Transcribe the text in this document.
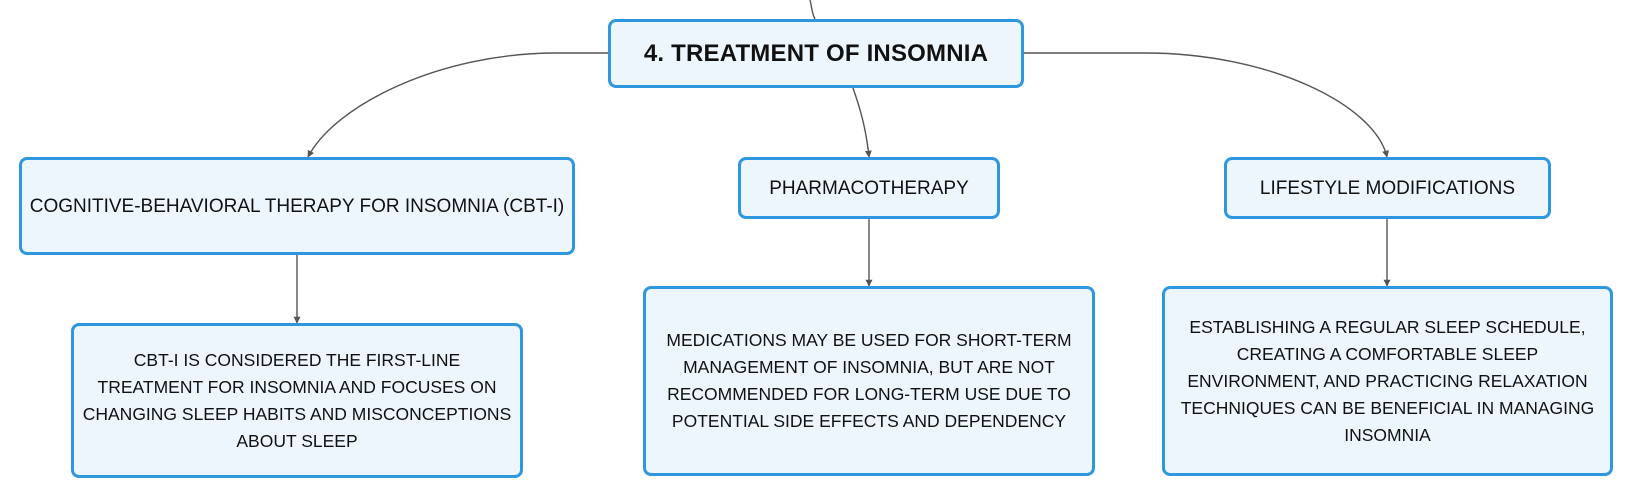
4. TREATMENT OF INSOMNIA
COGNITIVE-BEHAVIORAL THERAPY FOR INSOMNIA (CBT-I)
PHARMACOTHERAPY	LIFESTYLE MODIFICATIONS
CBT-I IS CONSIDERED THE FIRST-LINE TREATMENT FOR INSOMNIA AND FOCUSES ON CHANGING SLEEP HABITS AND MISCONCEPTIONS ABOUT SLEEP
MEDICATIONS MAY BE USED FOR SHORT-TERM MANAGEMENT OF INSOMNIA, BUT ARE NOT RECOMMENDED FOR LONG-TERM USE DUE TO POTENTIAL SIDE EFFECTS AND DEPENDENCY
ESTABLISHING A REGULAR SLEEP SCHEDULE, CREATING A COMFORTABLE SLEEP ENVIRONMENT, AND PRACTICING RELAXATION TECHNIQUES CAN BE BENEFICIAL IN MANAGING INSOMNIA
